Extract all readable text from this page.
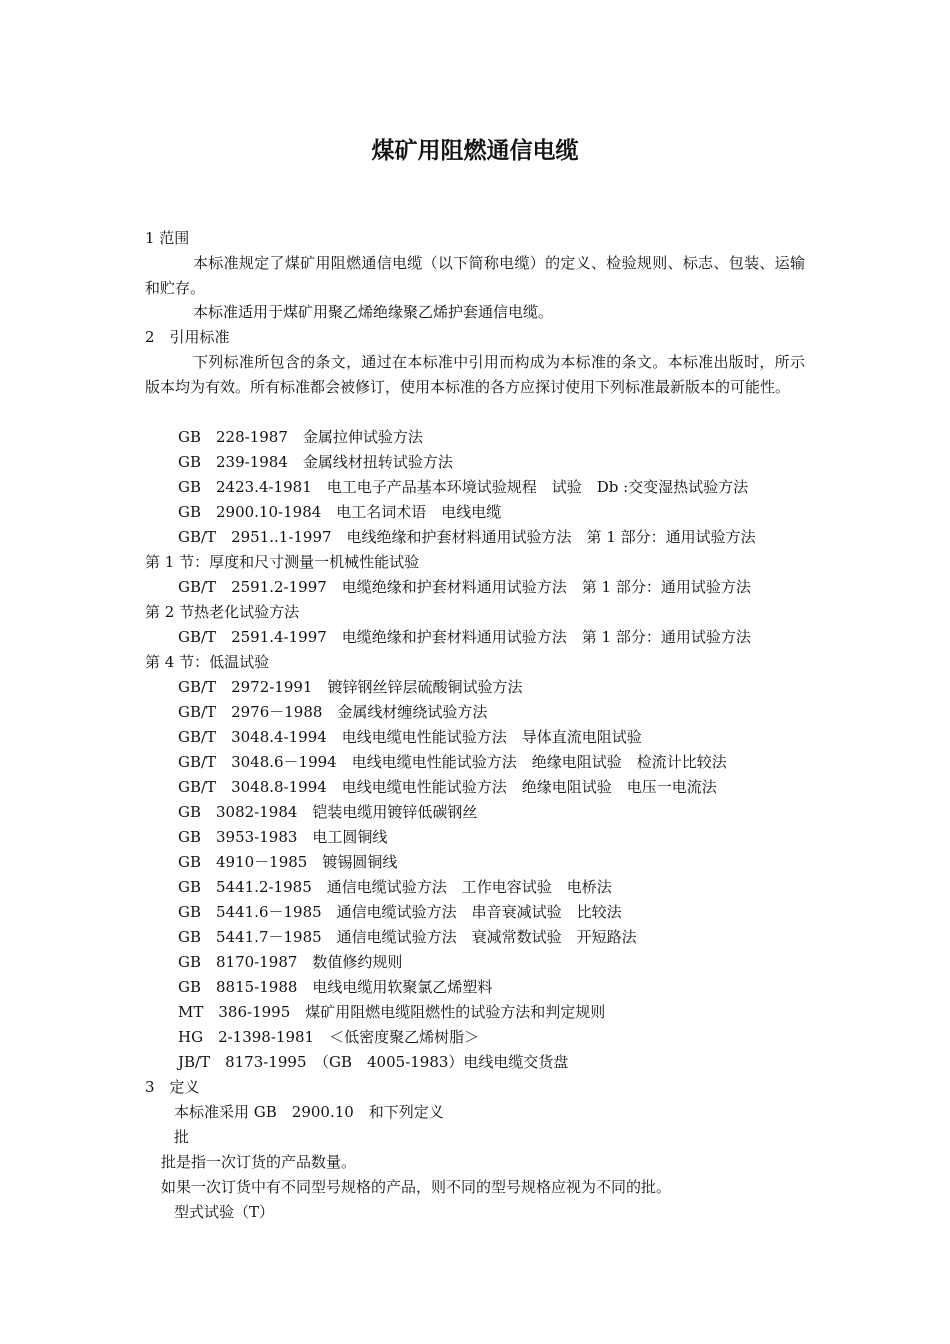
煤矿用阻燃通信电缆
1 范围
本标准规定了煤矿用阻燃通信电缆（以下简称电缆）的定义、检验规则、标志、包装、运输和贮存。
本标准适用于煤矿用聚乙烯绝缘聚乙烯护套通信电缆。
2　引用标准
下列标准所包含的条文，通过在本标准中引用而构成为本标准的条文。本标准出版时，所示版本均为有效。所有标准都会被修订，使用本标准的各方应探讨使用下列标准最新版本的可能性。
GB　228-1987　金属拉伸试验方法
GB　239-1984　金属线材扭转试验方法
GB　2423.4-1981　电工电子产品基本环境试验规程　试验　Db :交变湿热试验方法
GB　2900.10-1984　电工名词术语　电线电缆
GB/T　2951..1-1997　电线绝缘和护套材料通用试验方法　第 1 部分：通用试验方法
第 1 节：厚度和尺寸测量一机械性能试验
GB/T　2591.2-1997　电缆绝缘和护套材料通用试验方法　第 1 部分：通用试验方法
第 2 节热老化试验方法
GB/T　2591.4-1997　电缆绝缘和护套材料通用试验方法　第 1 部分：通用试验方法
第 4 节：低温试验
GB/T　2972-1991　镀锌钢丝锌层硫酸铜试验方法
GB/T　2976－1988　金属线材缠绕试验方法
GB/T　3048.4-1994　电线电缆电性能试验方法　导体直流电阻试验
GB/T　3048.6－1994　电线电缆电性能试验方法　绝缘电阻试验　检流计比较法
GB/T　3048.8-1994　电线电缆电性能试验方法　绝缘电阻试验　电压一电流法
GB　3082-1984　铠装电缆用镀锌低碳钢丝
GB　3953-1983　电工圆铜线
GB　4910－1985　镀锡圆铜线
GB　5441.2-1985　通信电缆试验方法　工作电容试验　电桥法
GB　5441.6－1985　通信电缆试验方法　串音衰减试验　比较法
GB　5441.7－1985　通信电缆试验方法　衰减常数试验　开短路法
GB　8170-1987　数值修约规则
GB　8815-1988　电线电缆用软聚氯乙烯塑料
MT　386-1995　煤矿用阻燃电缆阻燃性的试验方法和判定规则
HG　2-1398-1981　＜低密度聚乙烯树脂＞
JB/T　8173-1995　（GB　4005-1983）电线电缆交货盘
3　定义
本标准采用 GB　2900.10　和下列定义
批
批是指一次订货的产品数量。
如果一次订货中有不同型号规格的产品，则不同的型号规格应视为不同的批。
型式试验（T）
